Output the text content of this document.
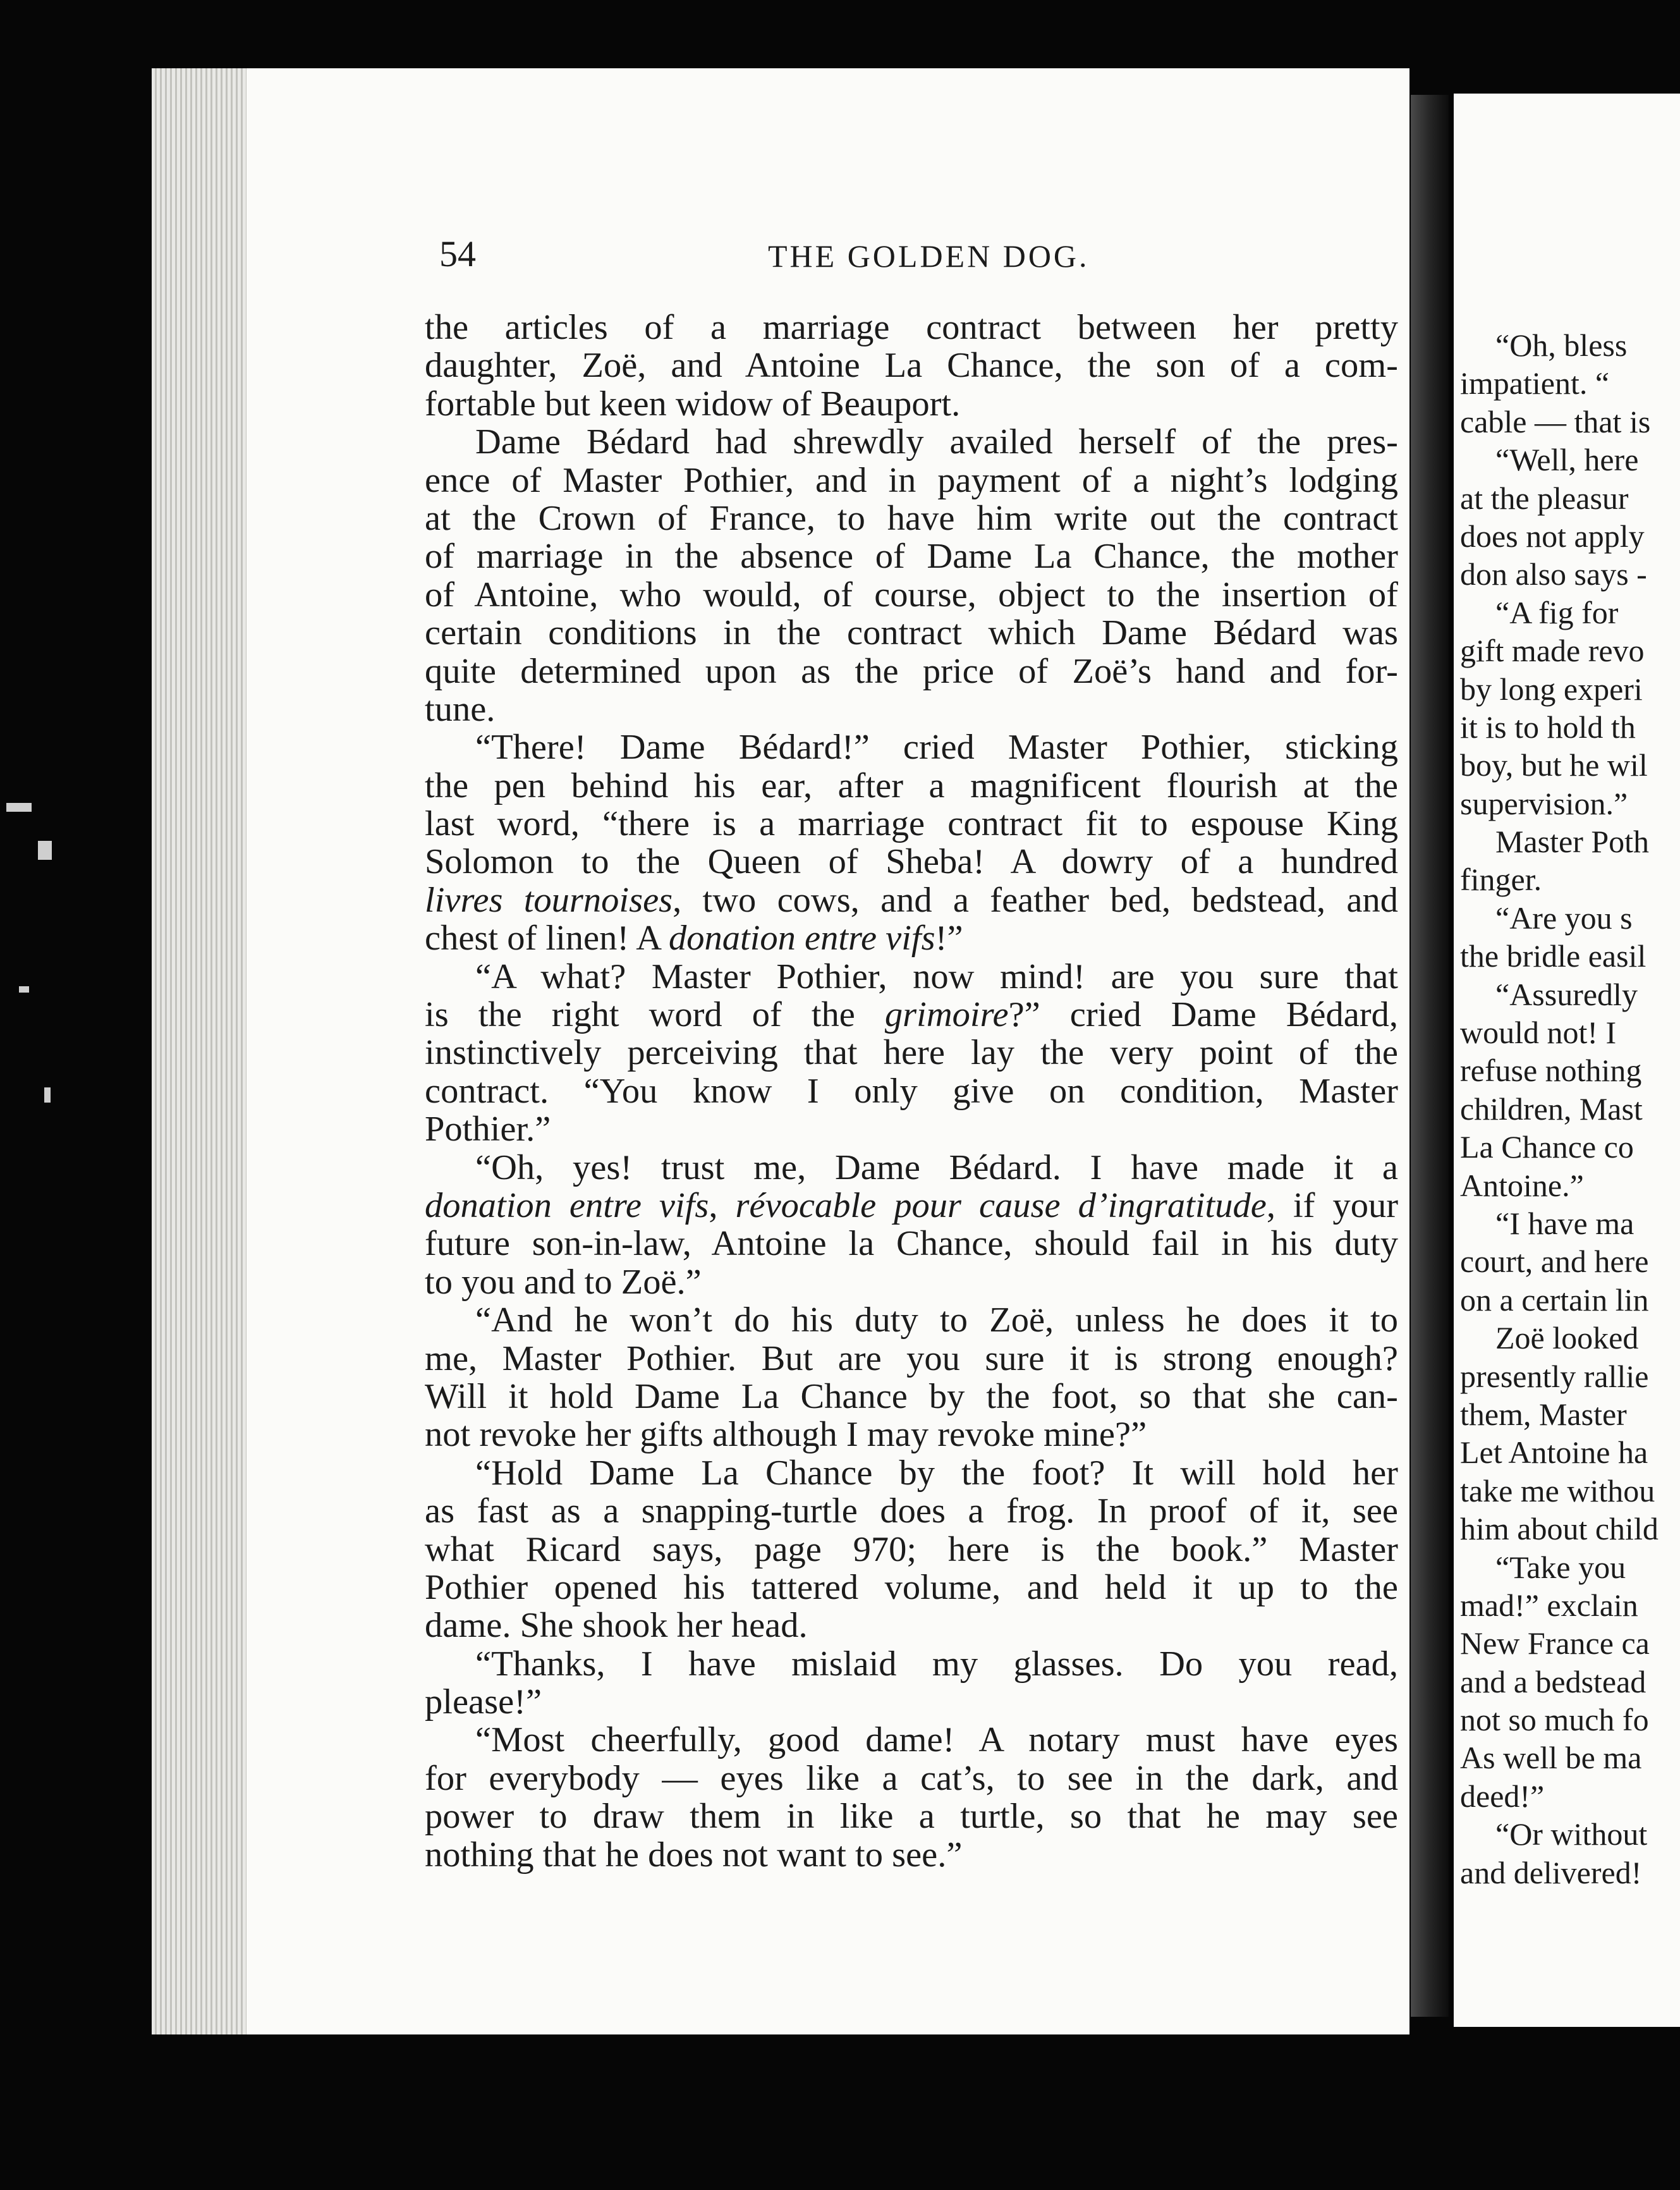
“Oh, bless
impatient. “
cable — that is
“Well, here
at the pleasur
does not apply
don also says -
“A fig for
gift made revo
by long experi
it is to hold th
boy, but he wil
supervision.”
Master Poth
finger.
“Are you s
the bridle easil
“Assuredly
would not! I
refuse nothing
children, Mast
La Chance co
Antoine.”
“I have ma
court, and here
on a certain lin
Zoë looked
presently rallie
them, Master
Let Antoine ha
take me withou
him about child
“Take you
mad!” exclain
New France ca
and a bedstead
not so much fo
As well be ma
deed!”
“Or without
and delivered!
54	THE GOLDEN DOG.
the articles of a marriage contract between her pretty
daughter, Zoë, and Antoine La Chance, the son of a com-
fortable but keen widow of Beauport.
Dame Bédard had shrewdly availed herself of the pres-
ence of Master Pothier, and in payment of a night’s lodging
at the Crown of France, to have him write out the contract
of marriage in the absence of Dame La Chance, the mother
of Antoine, who would, of course, object to the insertion of
certain conditions in the contract which Dame Bédard was
quite determined upon as the price of Zoë’s hand and for-
tune.
“There! Dame Bédard!” cried Master Pothier, sticking
the pen behind his ear, after a magnificent flourish at the
last word, “there is a marriage contract fit to espouse King
Solomon to the Queen of Sheba! A dowry of a hundred
livres tournoises, two cows, and a feather bed, bedstead, and
chest of linen! A donation entre vifs!”
“A what? Master Pothier, now mind! are you sure that
is the right word of the grimoire?” cried Dame Bédard,
instinctively perceiving that here lay the very point of the
contract. “You know I only give on condition, Master
Pothier.”
“Oh, yes! trust me, Dame Bédard. I have made it a
donation entre vifs, révocable pour cause d’ingratitude, if your
future son-in-law, Antoine la Chance, should fail in his duty
to you and to Zoë.”
“And he won’t do his duty to Zoë, unless he does it to
me, Master Pothier. But are you sure it is strong enough?
Will it hold Dame La Chance by the foot, so that she can-
not revoke her gifts although I may revoke mine?”
“Hold Dame La Chance by the foot? It will hold her
as fast as a snapping-turtle does a frog. In proof of it, see
what Ricard says, page 970; here is the book.” Master
Pothier opened his tattered volume, and held it up to the
dame. She shook her head.
“Thanks, I have mislaid my glasses. Do you read,
please!”
“Most cheerfully, good dame! A notary must have eyes
for everybody — eyes like a cat’s, to see in the dark, and
power to draw them in like a turtle, so that he may see
nothing that he does not want to see.”
